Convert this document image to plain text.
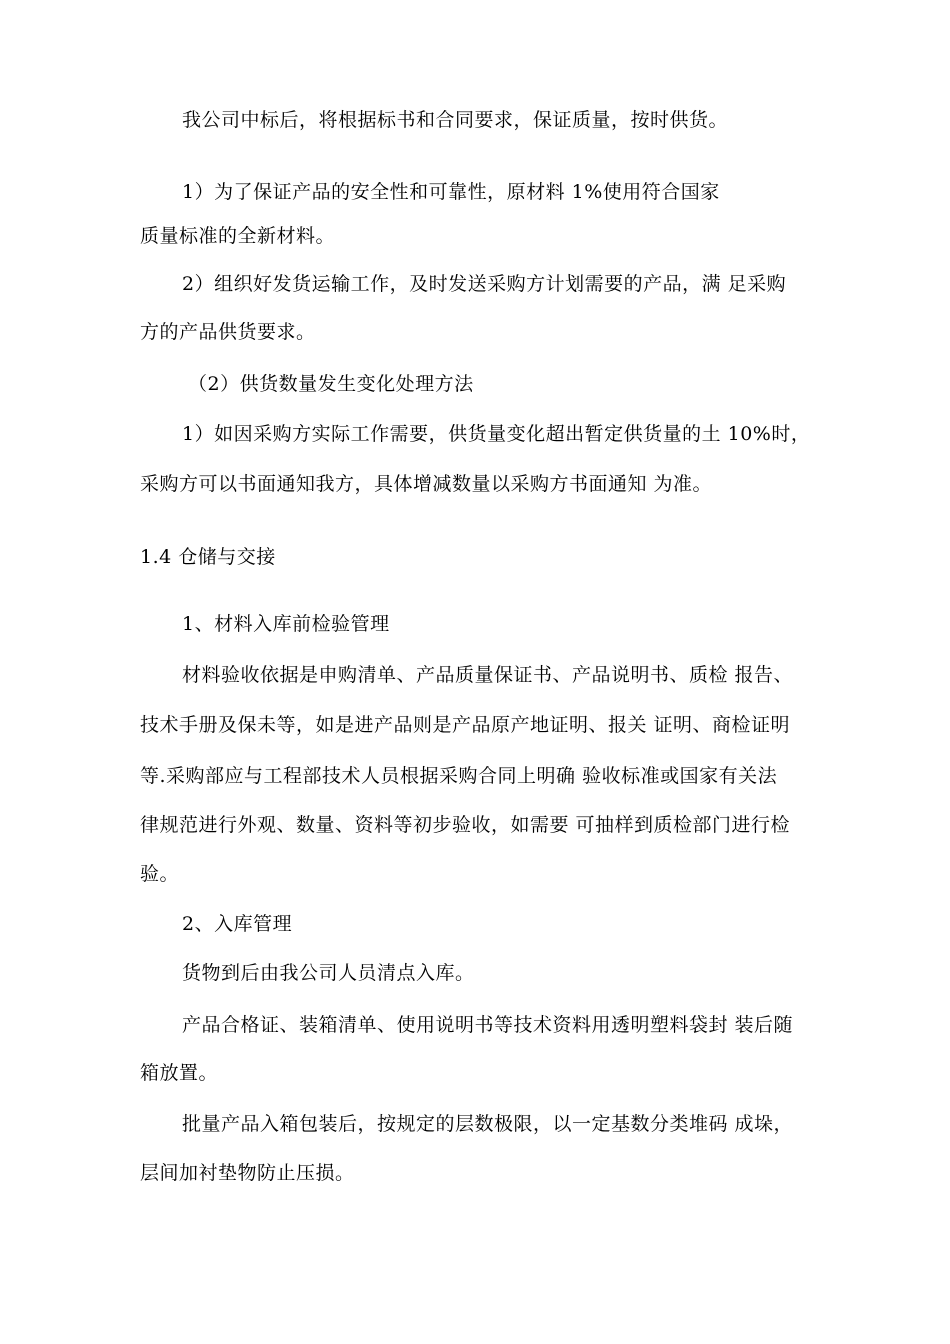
我公司中标后，将根据标书和合同要求，保证质量，按时供货。
1）为了保证产品的安全性和可靠性，原材料 1%使用符合国家
质量标准的全新材料。
2）组织好发货运输工作，及时发送采购方计划需要的产品，满 足采购
方的产品供货要求。
（2）供货数量发生变化处理方法
1）如因采购方实际工作需要，供货量变化超出暂定供货量的土 10%时，
采购方可以书面通知我方，具体增减数量以采购方书面通知 为准。
1.4 仓储与交接
1、材料入库前检验管理
材料验收依据是申购清单、产品质量保证书、产品说明书、质检 报告、
技术手册及保未等，如是进产品则是产品原产地证明、报关 证明、商检证明
等.采购部应与工程部技术人员根据采购合同上明确 验收标准或国家有关法
律规范进行外观、数量、资料等初步验收，如需要 可抽样到质检部门进行检
验。
2、入库管理
货物到后由我公司人员清点入库。
产品合格证、装箱清单、使用说明书等技术资料用透明塑料袋封 装后随
箱放置。
批量产品入箱包装后，按规定的层数极限，以一定基数分类堆码 成垛，
层间加衬垫物防止压损。
